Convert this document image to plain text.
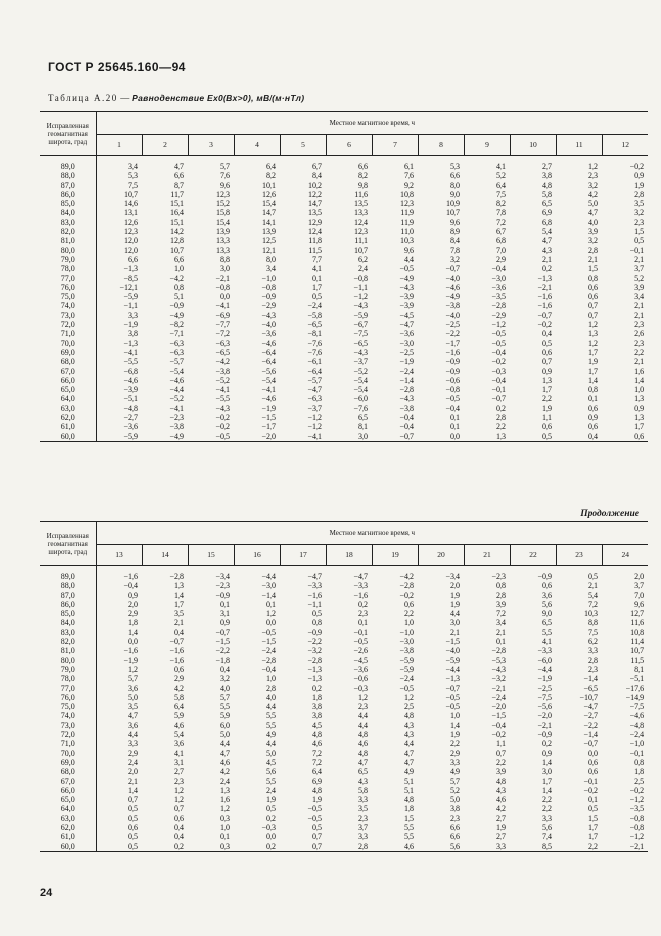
ГОСТ Р 25645.160—94
Таблица А.20 — Равноденствие Ex0(Bx>0), мВ/(м·нТл)
Исправленная геомагнитная широта, град	Местное магнитное время, ч											
	1	2	3	4	5	6	7	8	9	10	11	12
89,0	3,4	4,7	5,7	6,4	6,7	6,6	6,1	5,3	4,1	2,7	1,2	−0,2
88,0	5,3	6,6	7,6	8,2	8,4	8,2	7,6	6,6	5,2	3,8	2,3	0,9
87,0	7,5	8,7	9,6	10,1	10,2	9,8	9,2	8,0	6,4	4,8	3,2	1,9
86,0	10,7	11,7	12,3	12,6	12,2	11,6	10,8	9,0	7,5	5,8	4,2	2,8
85,0	14,6	15,1	15,2	15,4	14,7	13,5	12,3	10,9	8,2	6,5	5,0	3,5
84,0	13,1	16,4	15,8	14,7	13,5	13,3	11,9	10,7	7,8	6,9	4,7	3,2
83,0	12,6	15,1	15,4	14,1	12,9	12,4	11,9	9,6	7,2	6,8	4,0	2,3
82,0	12,3	14,2	13,9	13,9	12,4	12,3	11,0	8,9	6,7	5,4	3,9	1,5
81,0	12,0	12,8	13,3	12,5	11,8	11,1	10,3	8,4	6,8	4,7	3,2	0,5
80,0	12,0	10,7	13,3	12,1	11,5	10,7	9,6	7,8	7,0	4,3	2,8	−0,1
79,0	6,6	6,6	8,8	8,0	7,7	6,2	4,4	3,2	2,9	2,1	2,1	2,1
78,0	−1,3	1,0	3,0	3,4	4,1	2,4	−0,5	−0,7	−0,4	0,2	1,5	3,7
77,0	−8,5	−4,2	−2,1	−1,0	0,1	−0,8	−4,9	−4,0	−3,0	−1,3	0,8	5,2
76,0	−12,1	0,8	−0,8	−0,8	1,7	−1,1	−4,3	−4,6	−3,6	−2,1	0,6	3,9
75,0	−5,9	5,1	0,0	−0,9	0,5	−1,2	−3,9	−4,9	−3,5	−1,6	0,6	3,4
74,0	−1,1	−0,9	−4,1	−2,9	−2,4	−4,3	−3,9	−3,8	−2,8	−1,6	0,7	2,1
73,0	3,3	−4,9	−6,9	−4,3	−5,8	−5,9	−4,5	−4,0	−2,9	−0,7	0,7	2,1
72,0	−1,9	−8,2	−7,7	−4,0	−6,5	−6,7	−4,7	−2,5	−1,2	−0,2	1,2	2,3
71,0	3,8	−7,1	−7,2	−3,6	−8,1	−7,5	−3,6	−2,2	−0,5	0,4	1,3	2,6
70,0	−1,3	−6,3	−6,3	−4,6	−7,6	−6,5	−3,0	−1,7	−0,5	0,5	1,2	2,3
69,0	−4,1	−6,3	−6,5	−6,4	−7,6	−4,3	−2,5	−1,6	−0,4	0,6	1,7	2,2
68,0	−5,5	−5,7	−4,2	−6,4	−6,1	−3,7	−1,9	−0,9	−0,2	0,7	1,9	2,1
67,0	−6,8	−5,4	−3,8	−5,6	−6,4	−5,2	−2,4	−0,9	−0,3	0,9	1,7	1,6
66,0	−4,6	−4,6	−5,2	−5,4	−5,7	−5,4	−1,4	−0,6	−0,4	1,3	1,4	1,4
65,0	−3,9	−4,4	−4,1	−4,1	−4,7	−5,4	−2,8	−0,8	−0,1	1,7	0,8	1,0
64,0	−5,1	−5,2	−5,5	−4,6	−6,3	−6,0	−4,3	−0,5	−0,7	2,2	0,1	1,3
63,0	−4,8	−4,1	−4,3	−1,9	−3,7	−7,6	−3,8	−0,4	0,2	1,9	0,6	0,9
62,0	−2,7	−2,3	−0,2	−1,5	−1,2	6,5	−0,4	0,1	2,8	1,1	0,9	1,3
61,0	−3,6	−3,8	−0,2	−1,7	−1,2	8,1	−0,4	0,1	2,2	0,6	0,6	1,7
60,0	−5,9	−4,9	−0,5	−2,0	−4,1	3,0	−0,7	0,0	1,3	0,5	0,4	0,6
Продолжение
Исправленная геомагнитная широта, град	Местное магнитное время, ч											
	13	14	15	16	17	18	19	20	21	22	23	24
89,0	−1,6	−2,8	−3,4	−4,4	−4,7	−4,7	−4,2	−3,4	−2,3	−0,9	0,5	2,0
88,0	−0,4	1,3	−2,3	−3,0	−3,3	−3,3	−2,8	2,0	0,8	0,6	2,1	3,7
87,0	0,9	1,4	−0,9	−1,4	−1,6	−1,6	−0,2	1,9	2,8	3,6	5,4	7,0
86,0	2,0	1,7	0,1	0,1	−1,1	0,2	0,6	1,9	3,9	5,6	7,2	9,6
85,0	2,9	3,5	3,1	1,2	0,5	2,3	2,2	4,4	7,2	9,0	10,3	12,7
84,0	1,8	2,1	0,9	0,0	0,8	0,1	1,0	3,0	3,4	6,5	8,8	11,6
83,0	1,4	0,4	−0,7	−0,5	−0,9	−0,1	−1,0	2,1	2,1	5,5	7,5	10,8
82,0	0,0	−0,7	−1,5	−1,5	−2,2	−0,5	−3,0	−1,5	0,1	4,1	6,2	11,4
81,0	−1,6	−1,6	−2,2	−2,4	−3,2	−2,6	−3,8	−4,0	−2,8	−3,3	3,3	10,7
80,0	−1,9	−1,6	−1,8	−2,8	−2,8	−4,5	−5,9	−5,9	−5,3	−6,0	2,8	11,5
79,0	1,2	0,6	0,4	−0,4	−1,3	−3,6	−5,9	−4,4	−4,3	−4,4	2,3	8,1
78,0	5,7	2,9	3,2	1,0	−1,3	−0,6	−2,4	−1,3	−3,2	−1,9	−1,4	−5,1
77,0	3,6	4,2	4,0	2,8	0,2	−0,3	−0,5	−0,7	−2,1	−2,5	−6,5	−17,6
76,0	5,0	5,8	5,7	4,0	1,8	1,2	1,2	−0,5	−2,4	−7,5	−10,7	−14,9
75,0	3,5	6,4	5,5	4,4	3,8	2,3	2,5	−0,5	−2,0	−5,6	−4,7	−7,5
74,0	4,7	5,9	5,9	5,5	3,8	4,4	4,8	1,0	−1,5	−2,0	−2,7	−4,6
73,0	3,6	4,6	6,0	5,5	4,5	4,4	4,3	1,4	−0,4	−2,1	−2,2	−4,8
72,0	4,4	5,4	5,0	4,9	4,8	4,8	4,3	1,9	−0,2	−0,9	−1,4	−2,4
71,0	3,3	3,6	4,4	4,4	4,6	4,6	4,4	2,2	1,1	0,2	−0,7	−1,0
70,0	2,9	4,1	4,7	5,0	7,2	4,8	4,7	2,9	0,7	0,9	0,0	−0,1
69,0	2,4	3,1	4,6	4,5	7,2	4,7	4,7	3,3	2,2	1,4	0,6	0,8
68,0	2,0	2,7	4,2	5,6	6,4	6,5	4,9	4,9	3,9	3,0	0,6	1,8
67,0	2,1	2,3	2,4	5,5	6,9	4,3	5,1	5,7	4,8	1,7	−0,1	2,5
66,0	1,4	1,2	1,3	2,4	4,8	5,8	5,1	5,2	4,3	1,4	−0,2	−0,2
65,0	0,7	1,2	1,6	1,9	1,9	3,3	4,8	5,0	4,6	2,2	0,1	−1,2
64,0	0,5	0,7	1,2	0,5	−0,5	3,5	1,8	3,8	4,2	2,2	0,5	−3,5
63,0	0,5	0,6	0,3	0,2	−0,5	2,3	1,5	2,3	2,7	3,3	1,5	−0,8
62,0	0,6	0,4	1,0	−0,3	0,5	3,7	5,5	6,6	1,9	5,6	1,7	−0,8
61,0	0,5	0,4	0,1	0,0	0,7	3,3	5,5	6,6	2,7	7,4	1,7	−1,2
60,0	0,5	0,2	0,3	0,2	0,7	2,8	4,6	5,6	3,3	8,5	2,2	−2,1
24
